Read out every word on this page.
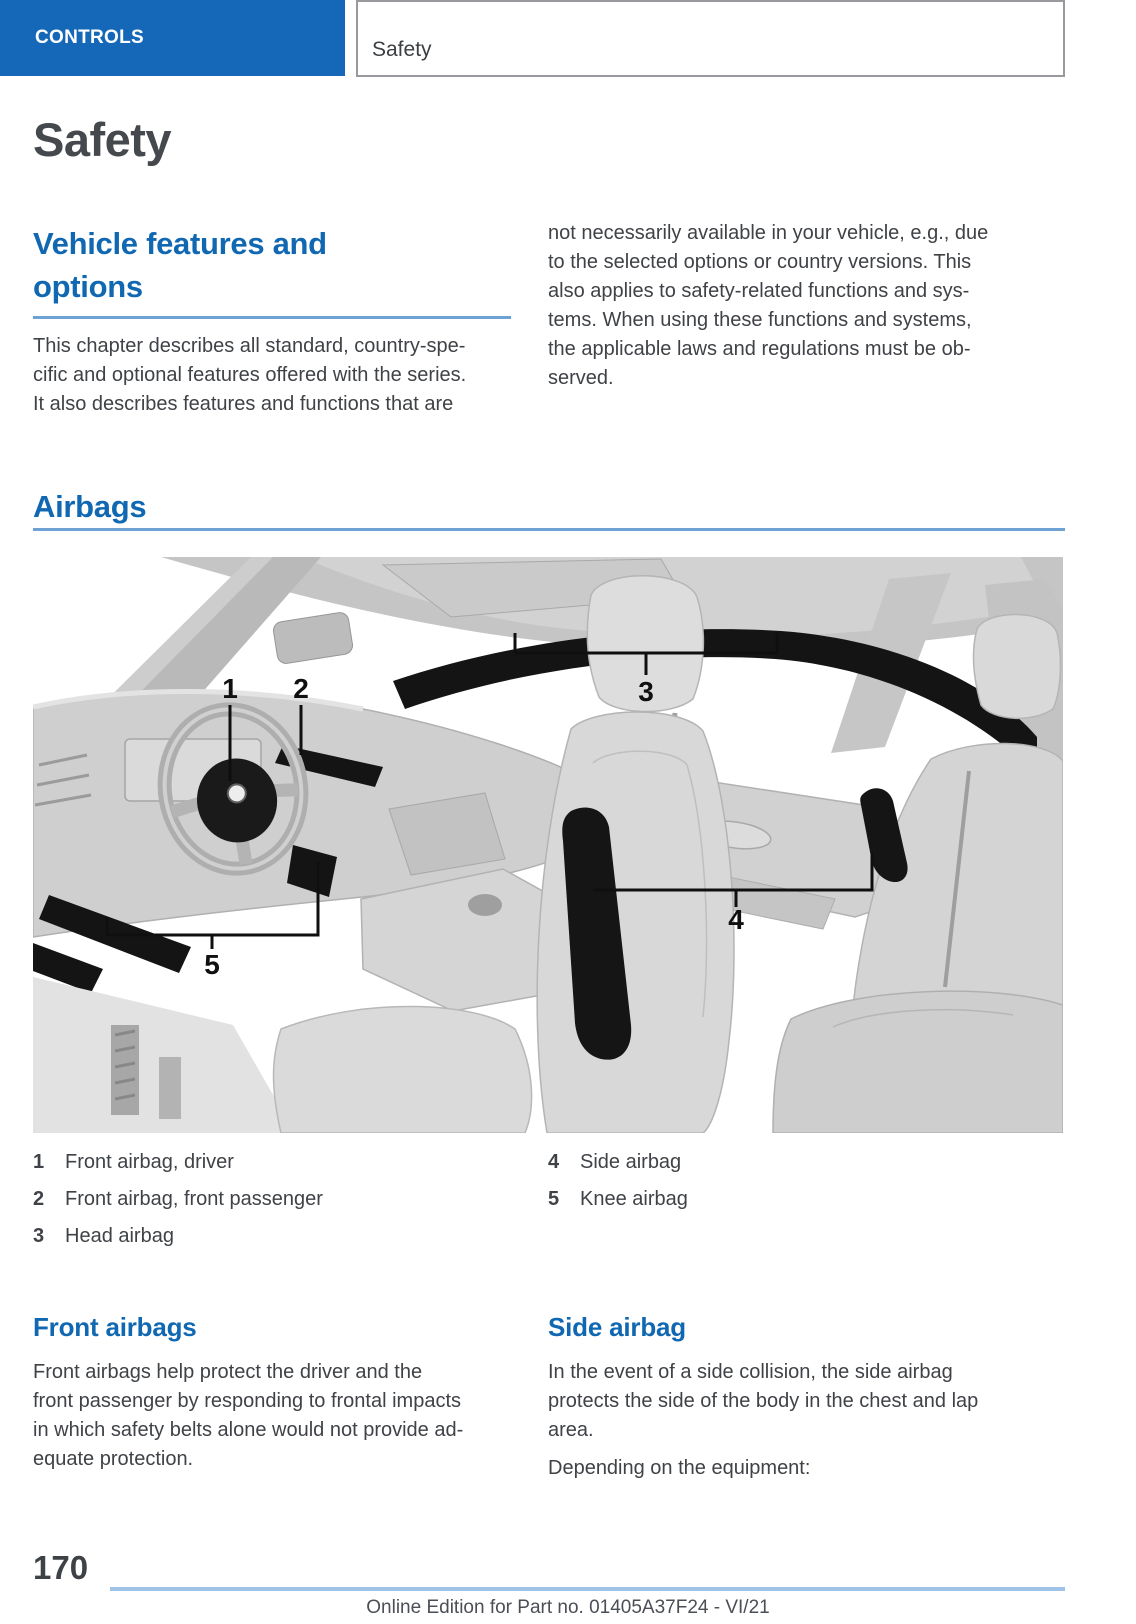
CONTROLS
Safety
Safety
Vehicle features and
options
This chapter describes all standard, country-spe-
cific and optional features offered with the series.
It also describes features and functions that are
not necessarily available in your vehicle, e.g., due
to the selected options or country versions. This
also applies to safety-related functions and sys-
tems. When using these functions and systems,
the applicable laws and regulations must be ob-
served.
Airbags
1 2	3
4
5
1	Front airbag, driver
2	Front airbag, front passenger
3	Head airbag
4	Side airbag
5	Knee airbag
Front airbags
Front airbags help protect the driver and the
front passenger by responding to frontal impacts
in which safety belts alone would not provide ad-
equate protection.
Side airbag
In the event of a side collision, the side airbag
protects the side of the body in the chest and lap
area.
Depending on the equipment:
170
Online Edition for Part no. 01405A37F24 - VI/21
